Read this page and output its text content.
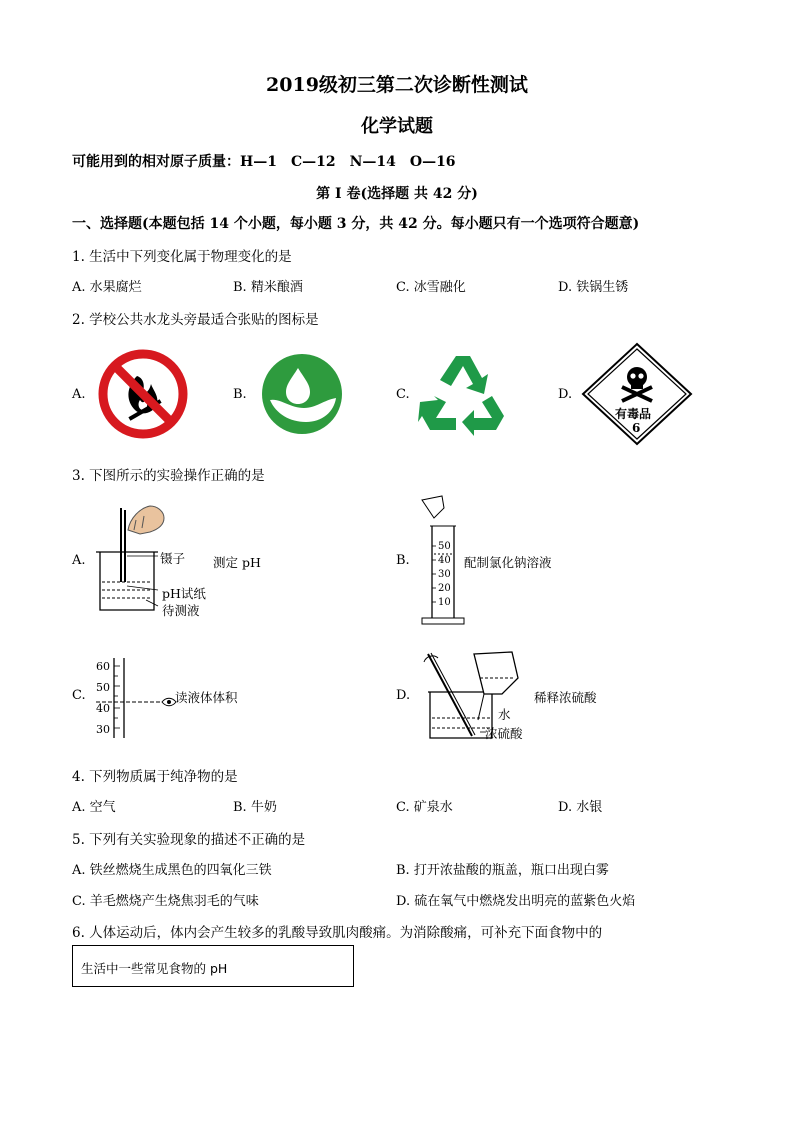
2019级初三第二次诊断性测试
化学试题
可能用到的相对原子质量：H—1　C—12　N—14　O—16
第 I 卷(选择题 共 42 分)
一、选择题(本题包括 14 个小题，每小题 3 分，共 42 分。每小题只有一个选项符合题意)
1. 生活中下列变化属于物理变化的是
A. 水果腐烂	B. 精米酿酒	C. 冰雪融化	D. 铁锅生锈
2. 学校公共水龙头旁最适合张贴的图标是
A.	B.	C.	D.
有毒品
6
3. 下图所示的实验操作正确的是
A.	镊子 测定 pH
pH试纸
待测液
B.
50
40
30
20
10
配制氯化钠溶液
C.
60
50
40
30
读液体体积	D.
水
浓硫酸
稀释浓硫酸
4. 下列物质属于纯净物的是
A. 空气	B. 牛奶	C. 矿泉水	D. 水银
5. 下列有关实验现象的描述不正确的是
A. 铁丝燃烧生成黑色的四氧化三铁	B. 打开浓盐酸的瓶盖，瓶口出现白雾
C. 羊毛燃烧产生烧焦羽毛的气味	D. 硫在氧气中燃烧发出明亮的蓝紫色火焰
6. 人体运动后，体内会产生较多的乳酸导致肌肉酸痛。为消除酸痛，可补充下面食物中的
生活中一些常见食物的 pH
